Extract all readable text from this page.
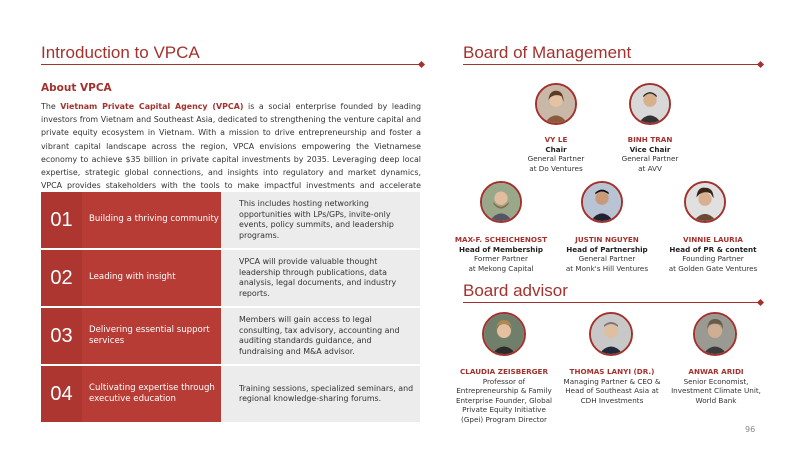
Introduction to VPCA
About VPCA
The Vietnam Private Capital Agency (VPCA) is a social enterprise founded by leading investors from Vietnam and Southeast Asia, dedicated to strengthening the venture capital and private equity ecosystem in Vietnam. With a mission to drive entrepreneurship and foster a vibrant capital landscape across the region, VPCA envisions empowering the Vietnamese economy to achieve $35 billion in private capital investments by 2035. Leveraging deep local expertise, strategic global connections, and insights into regulatory and market dynamics, VPCA provides stakeholders with the tools to make impactful investments and accelerate
01	Building a thriving community
This includes hosting networking opportunities with LPs/GPs, invite-only events, policy summits, and leadership programs.
02	Leading with insight
VPCA will provide valuable thought leadership through publications, data analysis, legal documents, and industry reports.
03	Delivering essential support services
Members will gain access to legal consulting, tax advisory, accounting and auditing standards guidance, and fundraising and M&A advisor.
04	Cultivating expertise through executive education
Training sessions, specialized seminars, and regional knowledge-sharing forums.
Board of Management
VY LE
Chair
General Partner
at Do Ventures
BINH TRAN
Vice Chair
General Partner
at AVV
MAX-F. SCHEICHENOST
Head of Membership
Former Partner
at Mekong Capital
JUSTIN NGUYEN
Head of Partnership
General Partner
at Monk's Hill Ventures
VINNIE LAURIA
Head of PR & content
Founding Partner
at Golden Gate Ventures
Board advisor
CLAUDIA ZEISBERGER
Professor of
Entrepreneurship & Family
Enterprise Founder, Global
Private Equity Initiative
(Gpei) Program Director
THOMAS LANYI (DR.)
Managing Partner & CEO &
Head of Southeast Asia at
CDH Investments
ANWAR ARIDI
Senior Economist,
Investment Climate Unit,
World Bank
96
